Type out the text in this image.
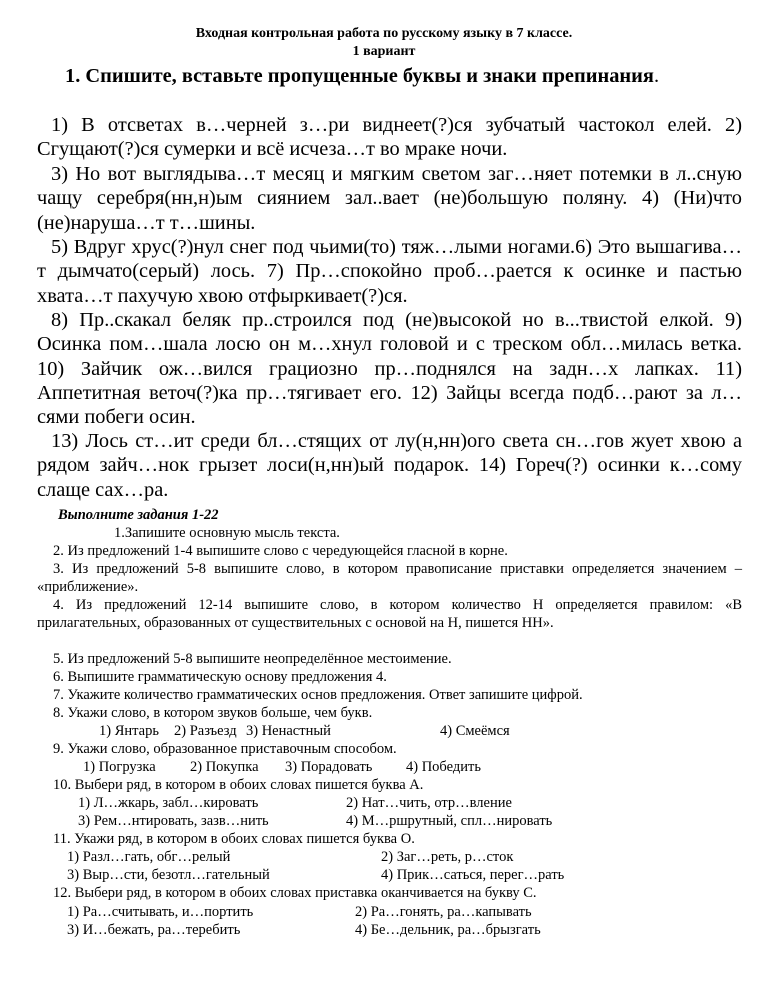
Входная контрольная работа по русскому языку в 7 классе.

1 вариант

1. Спишите, вставьте пропущенные буквы и знаки препинания.

1) В отсветах в…черней з…ри виднеет(?)ся зубчатый частокол елей. 2) Сгущают(?)ся сумерки и всё исчеза…т во мраке ночи.

3) Но вот выглядыва…т месяц и мягким светом заг…няет потемки в л..сную чащу серебря(нн,н)ым сиянием зал..вает (не)большую поляну. 4) (Ни)что (не)наруша…т т…шины.

5) Вдруг хрус(?)нул снег под чьими(то) тяж…лыми ногами.6) Это вышагива…т дымчато(серый) лось. 7) Пр…спокойно проб…рается к осинке и пастью хвата…т пахучую хвою отфыркивает(?)ся.

8) Пр..скакал беляк пр..строился под (не)высокой но в...твистой елкой. 9) Осинка пом…шала лосю он м…хнул головой и с треском обл…милась ветка. 10) Зайчик ож…вился грациозно пр…поднялся на задн…х лапках. 11) Аппетитная веточ(?)ка пр…тягивает его. 12) Зайцы всегда подб…рают за л…сями побеги осин.

13) Лось ст…ит среди бл…стящих от лу(н,нн)ого света сн…гов жует хвою а рядом зайч…нок грызет лоси(н,нн)ый подарок. 14) Гореч(?) осинки к…сому слаще сах…ра.

Выполните задания 1-22

1.Запишите основную мысль текста.

2. Из предложений 1-4 выпишите слово с чередующейся гласной в корне.

3. Из предложений 5-8 выпишите слово, в котором правописание приставки определяется значением – «приближение».

4. Из предложений 12-14 выпишите слово, в котором количество Н определяется правилом: «В прилагательных, образованных от существительных с основой на Н, пишется НН».

5. Из предложений 5-8 выпишите неопределённое местоимение.

6. Выпишите грамматическую основу предложения 4.

7. Укажите количество грамматических основ предложения. Ответ запишите цифрой.

8. Укажи слово, в котором звуков больше, чем букв.

1) Янтарь 2) Разъезд 3) Ненастный	4) Смеёмся

9. Укажи слово, образованное приставочным способом.

1) Погрузка 2) Покупка 3) Порадовать 4) Победить

10. Выбери ряд, в котором в обоих словах пишется буква А.

1) Л…жкарь, забл…кировать	2) Нат…чить, отр…вление

3) Рем…нтировать, зазв…нить	4) М…ршрутный, спл…нировать

11. Укажи ряд, в котором в обоих словах пишется буква О.

1) Разл…гать, обг…релый	2) Заг…реть, р…сток

3) Выр…сти, безотл…гательный	4) Прик…саться, перег…рать

12. Выбери ряд, в котором в обоих словах приставка оканчивается на букву С.

1) Ра…считывать, и…портить	2) Ра…гонять, ра…капывать

3) И…бежать, ра…теребить	4) Бе…дельник, ра…брызгать
